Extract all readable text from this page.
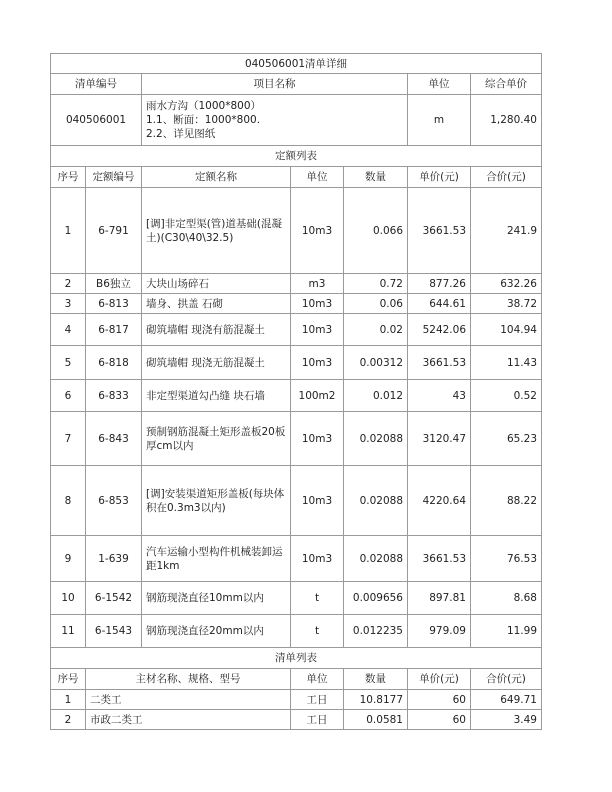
040506001清单详细						
清单编号		项目名称			单位	综合单价
040506001		雨水方沟（1000*800）
1.1、断面：1000*800.
2.2、详见图纸			m	1,280.40
定额列表						
序号	定额编号	定额名称	单位	数量	单价(元)	合价(元)
1	6-791	[调]非定型渠(管)道基础(混凝土)(C30\40\32.5)	10m3	0.066	3661.53	241.9
2	B6独立	大块山场碎石	m3	0.72	877.26	632.26
3	6-813	墙身、拱盖 石砌	10m3	0.06	644.61	38.72
4	6-817	砌筑墙帽 现浇有筋混凝土	10m3	0.02	5242.06	104.94
5	6-818	砌筑墙帽 现浇无筋混凝土	10m3	0.00312	3661.53	11.43
6	6-833	非定型渠道勾凸缝 块石墙	100m2	0.012	43	0.52
7	6-843	预制钢筋混凝土矩形盖板20板厚cm以内	10m3	0.02088	3120.47	65.23
8	6-853	[调]安装渠道矩形盖板(每块体积在0.3m3以内)	10m3	0.02088	4220.64	88.22
9	1-639	汽车运输小型构件机械装卸运距1km	10m3	0.02088	3661.53	76.53
10	6-1542	钢筋现浇直径10mm以内	t	0.009656	897.81	8.68
11	6-1543	钢筋现浇直径20mm以内	t	0.012235	979.09	11.99
清单列表						
序号	主材名称、规格、型号		单位	数量	单价(元)	合价(元)
1	二类工		工日	10.8177	60	649.71
2	市政二类工		工日	0.0581	60	3.49
